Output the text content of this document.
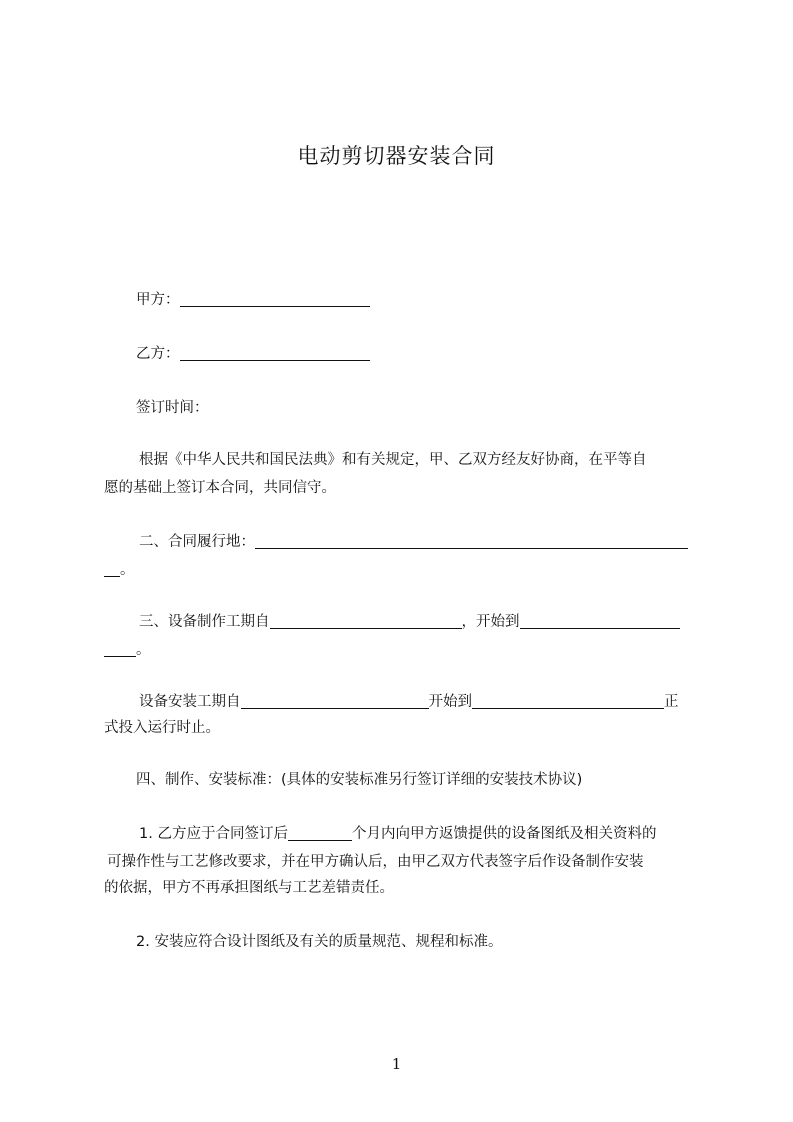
电动剪切器安装合同
甲方：
乙方：
签订时间：
根据《中华人民共和国民法典》和有关规定，甲、乙双方经友好协商，在平等自
愿的基础上签订本合同，共同信守。
二、合同履行地：
。
三、设备制作工期自	，开始到
。
设备安装工期自	开始到	正
式投入运行时止。
四、制作、安装标准：(具体的安装标准另行签订详细的安装技术协议)
1. 乙方应于合同签订后	个月内向甲方返馈提供的设备图纸及相关资料的
可操作性与工艺修改要求，并在甲方确认后，由甲乙双方代表签字后作设备制作安装
的依据，甲方不再承担图纸与工艺差错责任。
2. 安装应符合设计图纸及有关的质量规范、规程和标准。
1
